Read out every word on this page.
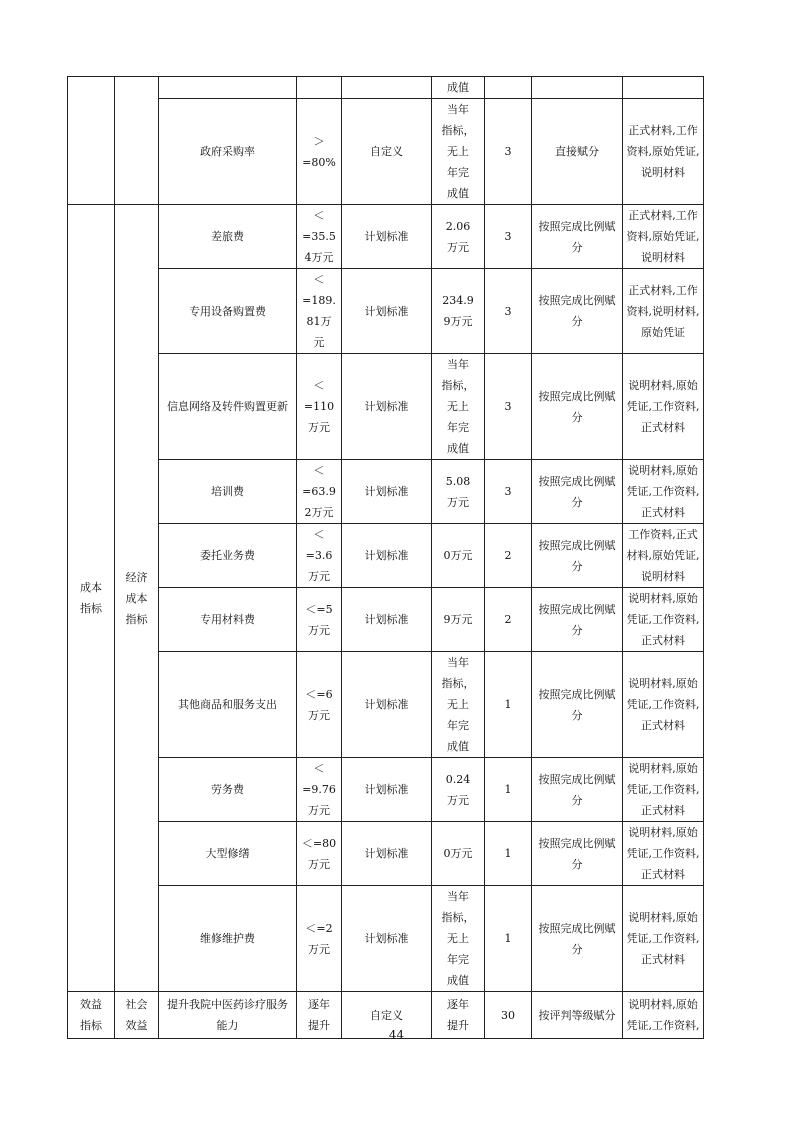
					成值			
		政府采购率	＞
=80%	自定义	当年
指标，
无上
年完
成值	3	直接赋分	正式材料,工作
资料,原始凭证,
说明材料
成本
指标	经济
成本
指标	差旅费	＜
=35.5
4万元	计划标准	2.06
万元	3	按照完成比例赋
分	正式材料,工作
资料,原始凭证,
说明材料
		专用设备购置费	＜
=189.
81万
元	计划标准	234.9
9万元	3	按照完成比例赋
分	正式材料,工作
资料,说明材料,
原始凭证
		信息网络及转件购置更新	＜
=110
万元	计划标准	当年
指标，
无上
年完
成值	3	按照完成比例赋
分	说明材料,原始
凭证,工作资料,
正式材料
		培训费	＜
=63.9
2万元	计划标准	5.08
万元	3	按照完成比例赋
分	说明材料,原始
凭证,工作资料,
正式材料
		委托业务费	＜
=3.6
万元	计划标准	0万元	2	按照完成比例赋
分	工作资料,正式
材料,原始凭证,
说明材料
		专用材料费	＜=5
万元	计划标准	9万元	2	按照完成比例赋
分	说明材料,原始
凭证,工作资料,
正式材料
		其他商品和服务支出	＜=6
万元	计划标准	当年
指标，
无上
年完
成值	1	按照完成比例赋
分	说明材料,原始
凭证,工作资料,
正式材料
		劳务费	＜
=9.76
万元	计划标准	0.24
万元	1	按照完成比例赋
分	说明材料,原始
凭证,工作资料,
正式材料
		大型修缮	＜=80
万元	计划标准	0万元	1	按照完成比例赋
分	说明材料,原始
凭证,工作资料,
正式材料
		维修维护费	＜=2
万元	计划标准	当年
指标，
无上
年完
成值	1	按照完成比例赋
分	说明材料,原始
凭证,工作资料,
正式材料
效益
指标	社会
效益	提升我院中医药诊疗服务
能力	逐年
提升	自定义	逐年
提升	30	按评判等级赋分	说明材料,原始
凭证,工作资料,
44
